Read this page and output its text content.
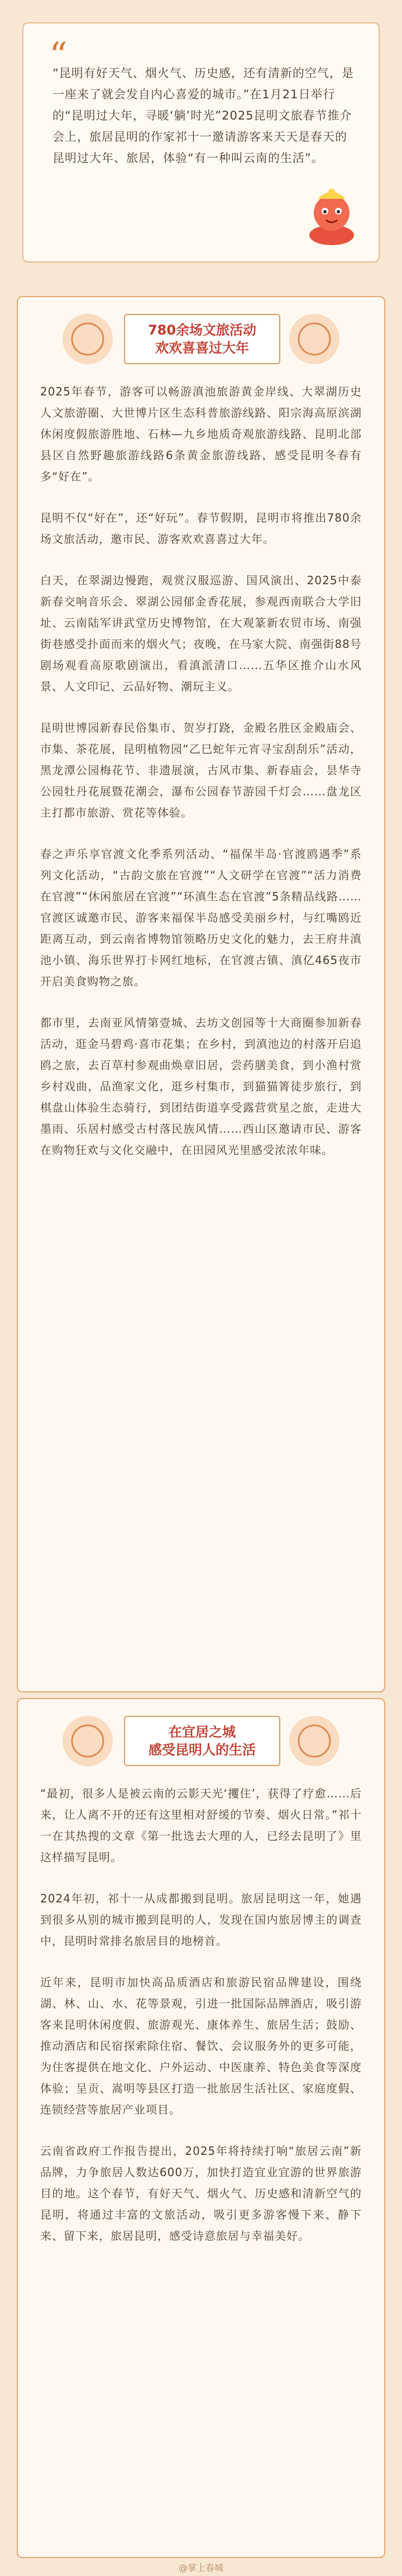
“

“昆明有好天气、烟火气、历史感，还有清新的空气，是一座来了就会发自内心喜爱的城市。”在1月21日举行的“昆明过大年，寻暖‘躺’时光”2025昆明文旅春节推介会上，旅居昆明的作家祁十一邀请游客来天天是春天的昆明过大年、旅居，体验“有一种叫云南的生活”。

780余场文旅活动
欢欢喜喜过大年

2025年春节，游客可以畅游滇池旅游黄金岸线、大翠湖历史人文旅游圈、大世博片区生态科普旅游线路、阳宗海高原滨湖休闲度假旅游胜地、石林—九乡地质奇观旅游线路、昆明北部县区自然野趣旅游线路6条黄金旅游线路，感受昆明冬春有多“好在”。

昆明不仅“好在”，还“好玩”。春节假期，昆明市将推出780余场文旅活动，邀市民、游客欢欢喜喜过大年。

白天，在翠湖边慢跑，观赏汉服巡游、国风演出、2025中泰新春交响音乐会、翠湖公园郁金香花展，参观西南联合大学旧址、云南陆军讲武堂历史博物馆，在大观篆新农贸市场、南强街巷感受扑面而来的烟火气；夜晚，在马家大院、南强街88号剧场观看高原歌剧演出，看滇派清口……五华区推介山水风景、人文印记、云品好物、潮玩主义。

昆明世博园新春民俗集市、贺岁打跷，金殿名胜区金殿庙会、市集、茶花展，昆明植物园“乙巳蛇年元宵寻宝刮刮乐”活动，黑龙潭公园梅花节、非遗展演，古风市集、新春庙会，昙华寺公园牡丹花展暨花潮会，瀑布公园春节游园千灯会……盘龙区主打都市旅游、赏花等体验。

春之声乐享官渡文化季系列活动、“福保半岛·官渡鸥遇季”系列文化活动，“古韵文旅在官渡”“人文研学在官渡”“活力消费在官渡”“休闲旅居在官渡”“环滇生态在官渡”5条精品线路……官渡区诚邀市民、游客来福保半岛感受美丽乡村，与红嘴鸥近距离互动，到云南省博物馆领略历史文化的魅力，去王府井滇池小镇、海乐世界打卡网红地标，在官渡古镇、滇亿465夜市开启美食购物之旅。

都市里，去南亚风情第壹城、去坊文创园等十大商圈参加新春活动，逛金马碧鸡·喜市花集；在乡村，到滇池边的村落开启追鸥之旅，去百草村参观曲焕章旧居，尝药膳美食，到小渔村赏乡村戏曲，品渔家文化，逛乡村集市，到猫猫箐徒步旅行，到棋盘山体验生态骑行，到团结街道享受露营赏星之旅，走进大墨雨、乐居村感受古村落民族风情……西山区邀请市民、游客在购物狂欢与文化交融中，在田园风光里感受浓浓年味。

在宜居之城
感受昆明人的生活

“最初，很多人是被云南的云影天光‘攫住’，获得了疗愈……后来，让人离不开的还有这里相对舒缓的节奏、烟火日常。”祁十一在其热搜的文章《第一批选去大理的人，已经去昆明了》里这样描写昆明。

2024年初，祁十一从成都搬到昆明。旅居昆明这一年，她遇到很多从别的城市搬到昆明的人，发现在国内旅居博主的调查中，昆明时常排名旅居目的地榜首。

近年来，昆明市加快高品质酒店和旅游民宿品牌建设，围绕湖、林、山、水、花等景观，引进一批国际品牌酒店，吸引游客来昆明休闲度假、旅游观光、康体养生、旅居生活；鼓励、推动酒店和民宿探索除住宿、餐饮、会议服务外的更多可能，为住客提供在地文化、户外运动、中医康养、特色美食等深度体验；呈贡、嵩明等县区打造一批旅居生活社区、家庭度假、连锁经营等旅居产业项目。

云南省政府工作报告提出，2025年将持续打响“旅居云南”新品牌，力争旅居人数达600万，加快打造宜业宜游的世界旅游目的地。这个春节，有好天气、烟火气、历史感和清新空气的昆明，将通过丰富的文旅活动，吸引更多游客慢下来、静下来、留下来，旅居昆明，感受诗意旅居与幸福美好。

@掌上春城
